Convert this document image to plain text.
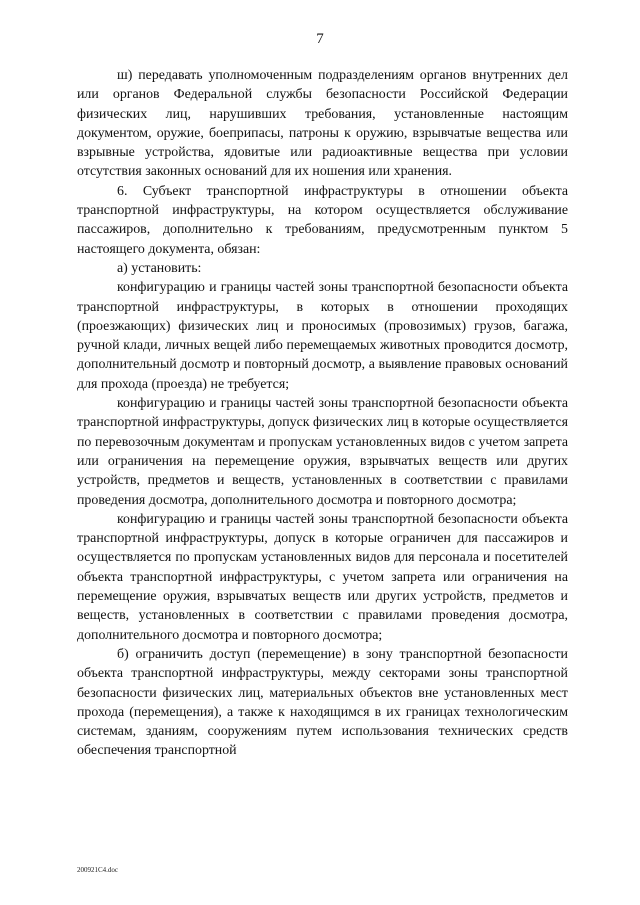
7

ш) передавать уполномоченным подразделениям органов внутренних дел или органов Федеральной службы безопасности Российской Федерации физических лиц, нарушивших требования, установленные настоящим документом, оружие, боеприпасы, патроны к оружию, взрывчатые вещества или взрывные устройства, ядовитые или радиоактивные вещества при условии отсутствия законных оснований для их ношения или хранения.

6. Субъект транспортной инфраструктуры в отношении объекта транспортной инфраструктуры, на котором осуществляется обслуживание пассажиров, дополнительно к требованиям, предусмотренным пунктом 5 настоящего документа, обязан:

а) установить:

конфигурацию и границы частей зоны транспортной безопасности объекта транспортной инфраструктуры, в которых в отношении проходящих (проезжающих) физических лиц и проносимых (провозимых) грузов, багажа, ручной клади, личных вещей либо перемещаемых животных проводится досмотр, дополнительный досмотр и повторный досмотр, а выявление правовых оснований для прохода (проезда) не требуется;

конфигурацию и границы частей зоны транспортной безопасности объекта транспортной инфраструктуры, допуск физических лиц в которые осуществляется по перевозочным документам и пропускам установленных видов с учетом запрета или ограничения на перемещение оружия, взрывчатых веществ или других устройств, предметов и веществ, установленных в соответствии с правилами проведения досмотра, дополнительного досмотра и повторного досмотра;

конфигурацию и границы частей зоны транспортной безопасности объекта транспортной инфраструктуры, допуск в которые ограничен для пассажиров и осуществляется по пропускам установленных видов для персонала и посетителей объекта транспортной инфраструктуры, с учетом запрета или ограничения на перемещение оружия, взрывчатых веществ или других устройств, предметов и веществ, установленных в соответствии с правилами проведения досмотра, дополнительного досмотра и повторного досмотра;

б) ограничить доступ (перемещение) в зону транспортной безопасности объекта транспортной инфраструктуры, между секторами зоны транспортной безопасности физических лиц, материальных объектов вне установленных мест прохода (перемещения), а также к находящимся в их границах технологическим системам, зданиям, сооружениям путем использования технических средств обеспечения транспортной

200921C4.doc
